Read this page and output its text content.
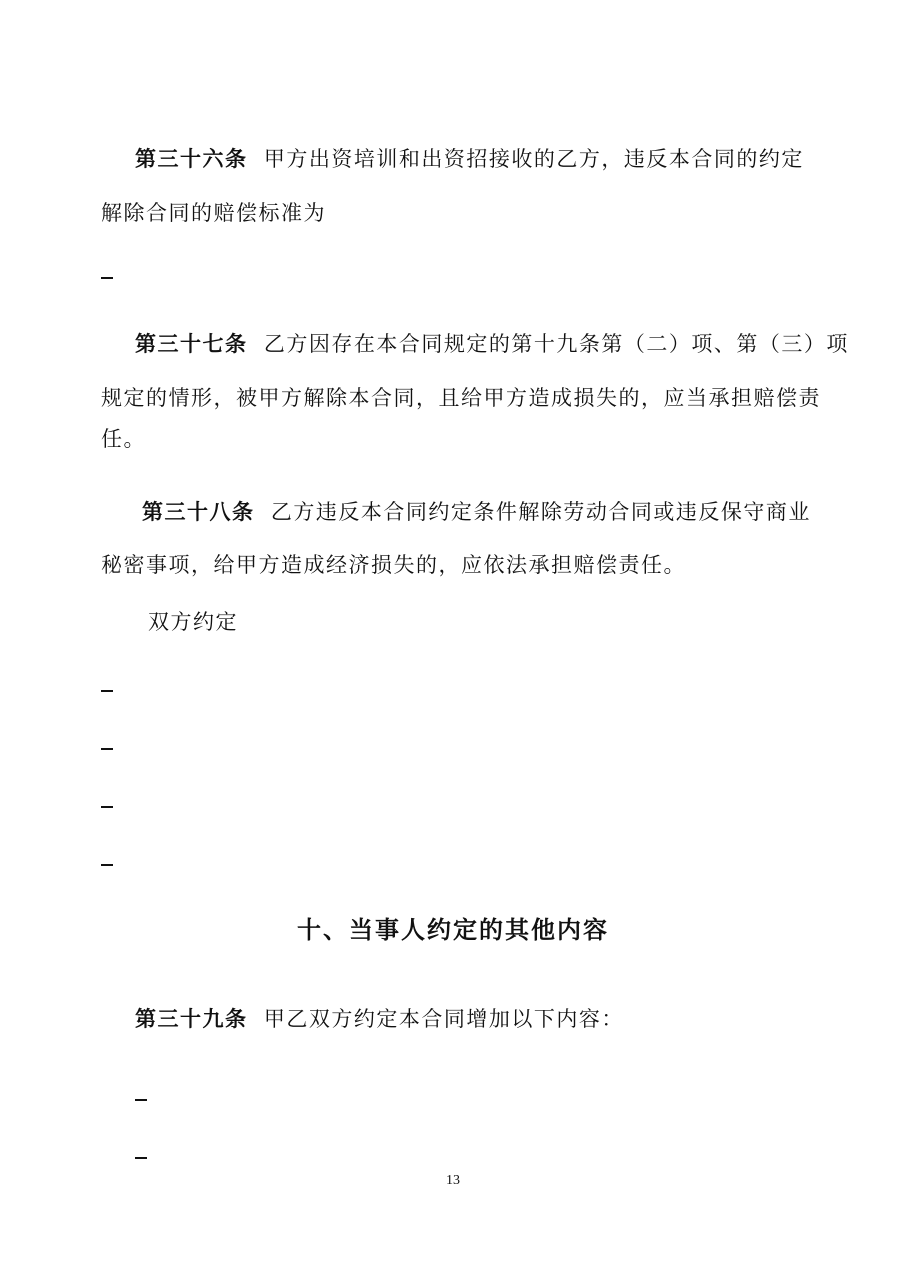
第三十六条 甲方出资培训和出资招接收的乙方，违反本合同的约定
解除合同的赔偿标准为
第三十七条 乙方因存在本合同规定的第十九条第（二）项、第（三）项
规定的情形，被甲方解除本合同，且给甲方造成损失的，应当承担赔偿责
任。
第三十八条 乙方违反本合同约定条件解除劳动合同或违反保守商业
秘密事项，给甲方造成经济损失的，应依法承担赔偿责任。
双方约定
十、当事人约定的其他内容
第三十九条 甲乙双方约定本合同增加以下内容：
13
